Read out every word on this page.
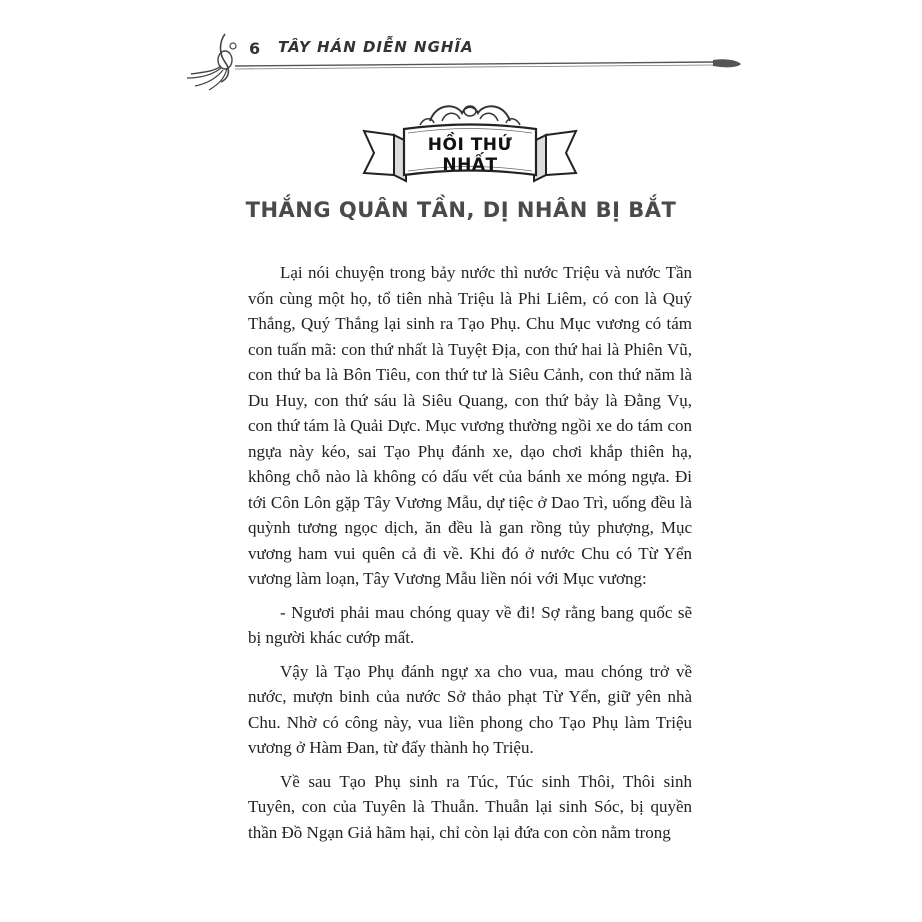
6 TÂY HÁN DIỄN NGHĨA
HỒI THỨ NHẤT
THẮNG QUÂN TẦN, DỊ NHÂN BỊ BẮT

Lại nói chuyện trong bảy nước thì nước Triệu và nước Tần vốn cùng một họ, tổ tiên nhà Triệu là Phi Liêm, có con là Quý Thắng, Quý Thắng lại sinh ra Tạo Phụ. Chu Mục vương có tám con tuấn mã: con thứ nhất là Tuyệt Địa, con thứ hai là Phiên Vũ, con thứ ba là Bôn Tiêu, con thứ tư là Siêu Cảnh, con thứ năm là Du Huy, con thứ sáu là Siêu Quang, con thứ bảy là Đằng Vụ, con thứ tám là Quải Dực. Mục vương thường ngồi xe do tám con ngựa này kéo, sai Tạo Phụ đánh xe, dạo chơi khắp thiên hạ, không chỗ nào là không có dấu vết của bánh xe móng ngựa. Đi tới Côn Lôn gặp Tây Vương Mẫu, dự tiệc ở Dao Trì, uống đều là quỳnh tương ngọc dịch, ăn đều là gan rồng tủy phượng, Mục vương ham vui quên cả đi về. Khi đó ở nước Chu có Từ Yển vương làm loạn, Tây Vương Mẫu liền nói với Mục vương:

- Ngươi phải mau chóng quay về đi! Sợ rằng bang quốc sẽ bị người khác cướp mất.

Vậy là Tạo Phụ đánh ngự xa cho vua, mau chóng trở về nước, mượn binh của nước Sở thảo phạt Từ Yển, giữ yên nhà Chu. Nhờ có công này, vua liền phong cho Tạo Phụ làm Triệu vương ở Hàm Đan, từ đấy thành họ Triệu.

Về sau Tạo Phụ sinh ra Túc, Túc sinh Thôi, Thôi sinh Tuyên, con của Tuyên là Thuẫn. Thuẫn lại sinh Sóc, bị quyền thần Đồ Ngạn Giả hãm hại, chỉ còn lại đứa con còn nằm trong
